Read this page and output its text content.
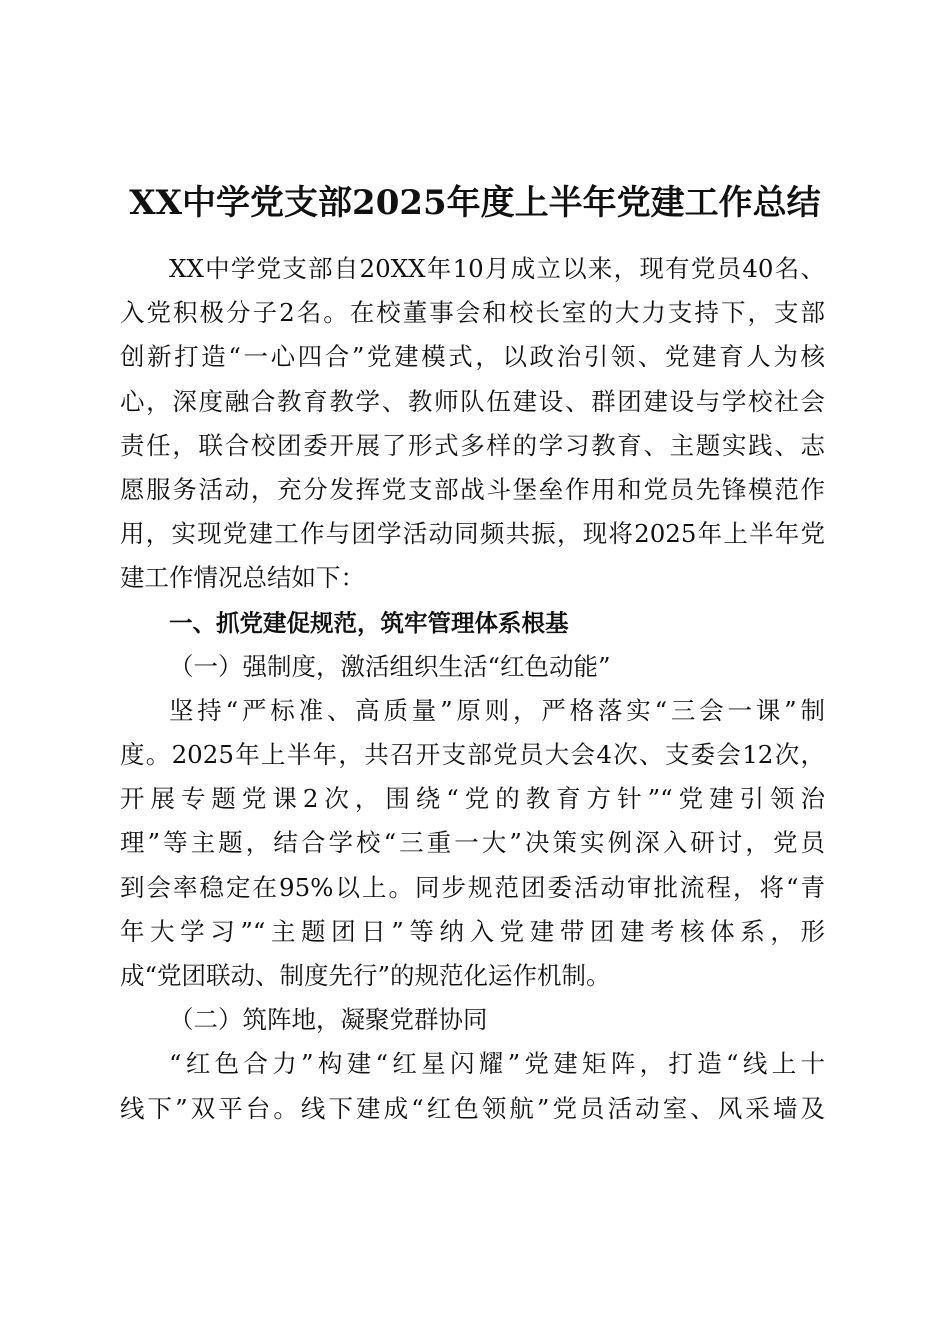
XX中学党支部2025年度上半年党建工作总结
XX中学党支部自20XX年10月成立以来，现有党员40名、
入党积极分子2名。在校董事会和校长室的大力支持下，支部
创新打造“一心四合”党建模式，以政治引领、党建育人为核
心，深度融合教育教学、教师队伍建设、群团建设与学校社会
责任，联合校团委开展了形式多样的学习教育、主题实践、志
愿服务活动，充分发挥党支部战斗堡垒作用和党员先锋模范作
用，实现党建工作与团学活动同频共振，现将2025年上半年党
建工作情况总结如下：
一、抓党建促规范，筑牢管理体系根基
（一）强制度，激活组织生活“红色动能”
坚持“严标准、高质量”原则，严格落实“三会一课”制
度。2025年上半年，共召开支部党员大会4次、支委会12次，
开展专题党课2次，围绕“党的教育方针”“党建引领治
理”等主题，结合学校“三重一大”决策实例深入研讨，党员
到会率稳定在95%以上。同步规范团委活动审批流程，将“青
年大学习”“主题团日”等纳入党建带团建考核体系，形
成“党团联动、制度先行”的规范化运作机制。
（二）筑阵地，凝聚党群协同
“红色合力”构建“红星闪耀”党建矩阵，打造“线上十
线下”双平台。线下建成“红色领航”党员活动室、风采墙及
